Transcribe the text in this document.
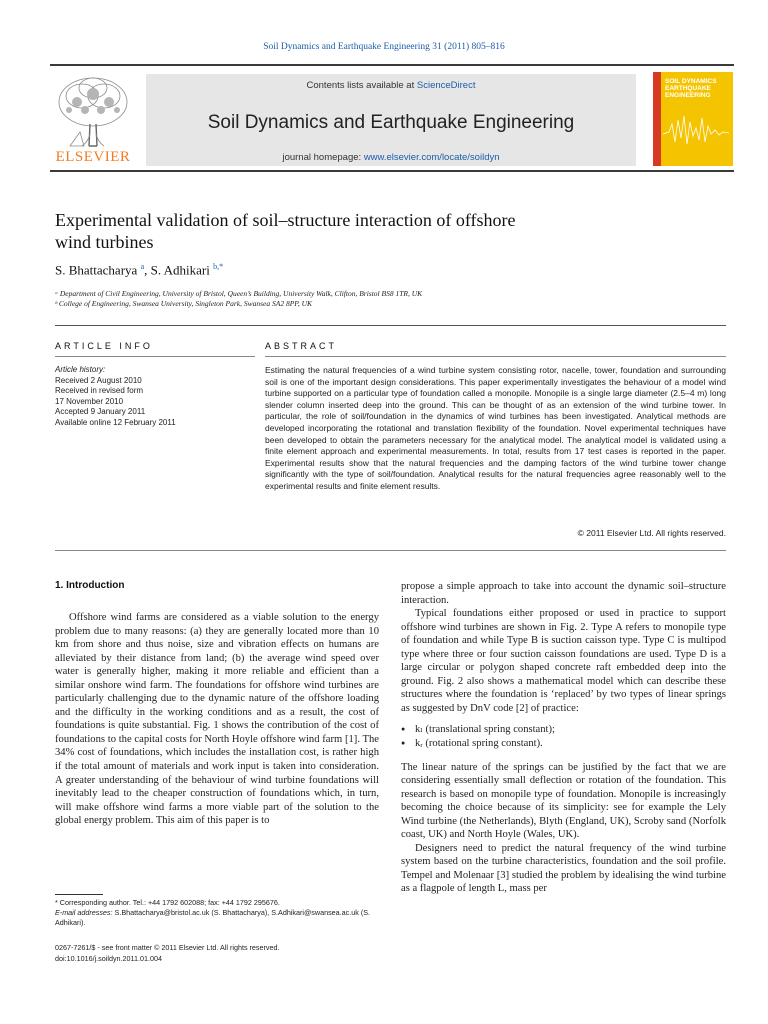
Soil Dynamics and Earthquake Engineering 31 (2011) 805–816
ELSEVIER
Contents lists available at ScienceDirect
Soil Dynamics and Earthquake Engineering
journal homepage: www.elsevier.com/locate/soildyn
SOIL DYNAMICS EARTHQUAKE ENGINEERING
Experimental validation of soil–structure interaction of offshore
wind turbines
S. Bhattacharya $^a$, S. Adhikari $^{b,*}$
ᵃ Department of Civil Engineering, University of Bristol, Queen’s Building, University Walk, Clifton, Bristol BS8 1TR, UK
ᵇ College of Engineering, Swansea University, Singleton Park, Swansea SA2 8PP, UK
ARTICLE INFO	ABSTRACT
Article history:
Received 2 August 2010
Received in revised form
17 November 2010
Accepted 9 January 2011
Available online 12 February 2011
Estimating the natural frequencies of a wind turbine system consisting rotor, nacelle, tower, foundation and surrounding soil is one of the important design considerations. This paper experimentally investigates the behaviour of a model wind turbine supported on a particular type of foundation called a monopile. Monopile is a single large diameter (2.5–4 m) long slender column inserted deep into the ground. This can be thought of as an extension of the wind turbine tower. In particular, the role of soil/foundation in the dynamics of wind turbines has been investigated. Analytical methods are developed incorporating the rotational and translation flexibility of the foundation. Novel experimental techniques have been developed to obtain the parameters necessary for the analytical model. The analytical model is validated using a finite element approach and experimental measurements. In total, results from 17 test cases is reported in the paper. Experimental results show that the natural frequencies and the damping factors of the wind turbine tower change significantly with the type of soil/foundation. Analytical results for the natural frequencies agree reasonably well to the experimental results and finite element results.
© 2011 Elsevier Ltd. All rights reserved.
1. Introduction

Offshore wind farms are considered as a viable solution to the energy problem due to many reasons: (a) they are generally located more than 10 km from shore and thus noise, size and vibration effects on humans are alleviated by their distance from land; (b) the average wind speed over water is generally higher, making it more reliable and efficient than a similar onshore wind farm. The foundations for offshore wind turbines are particularly challenging due to the dynamic nature of the offshore loading and the difficulty in the working conditions and as a result, the cost of foundations is quite substantial. Fig. 1 shows the contribution of the cost of foundations to the capital costs for North Hoyle offshore wind farm [1]. The 34% cost of foundations, which includes the installation cost, is rather high if the total amount of materials and work input is taken into consideration. A greater understanding of the behaviour of wind turbine foundations will inevitably lead to the cheaper construction of foundations which, in turn, will make offshore wind farms a more viable part of the solution to the global energy problem. This aim of this paper is to

propose a simple approach to take into account the dynamic soil–structure interaction.

Typical foundations either proposed or used in practice to support offshore wind turbines are shown in Fig. 2. Type A refers to monopile type of foundation and while Type B is suction caisson type. Type C is multipod type where three or four suction caisson foundations are used. Type D is a large circular or polygon shaped concrete raft embedded deep into the ground. Fig. 2 also shows a mathematical model which can describe these structures where the foundation is ‘replaced’ by two types of linear springs as suggested by DnV code [2] of practice:

● kₗ (translational spring constant);
● kᵣ (rotational spring constant).

The linear nature of the springs can be justified by the fact that we are considering essentially small deflection or rotation of the foundation. This research is based on monopile type of foundation. Monopile is increasingly becoming the choice because of its simplicity: see for example the Lely Wind turbine (the Netherlands), Blyth (England, UK), Scroby sand (Norfolk coast, UK) and North Hoyle (Wales, UK).

Designers need to predict the natural frequency of the wind turbine system based on the turbine characteristics, foundation and the soil profile. Tempel and Molenaar [3] studied the problem by idealising the wind turbine as a flagpole of length L, mass per

* Corresponding author. Tel.: +44 1792 602088; fax: +44 1792 295676.
E-mail addresses: S.Bhattacharya@bristol.ac.uk (S. Bhattacharya), S.Adhikari@swansea.ac.uk (S. Adhikari).
0267-7261/$ - see front matter © 2011 Elsevier Ltd. All rights reserved.
doi:10.1016/j.soildyn.2011.01.004
